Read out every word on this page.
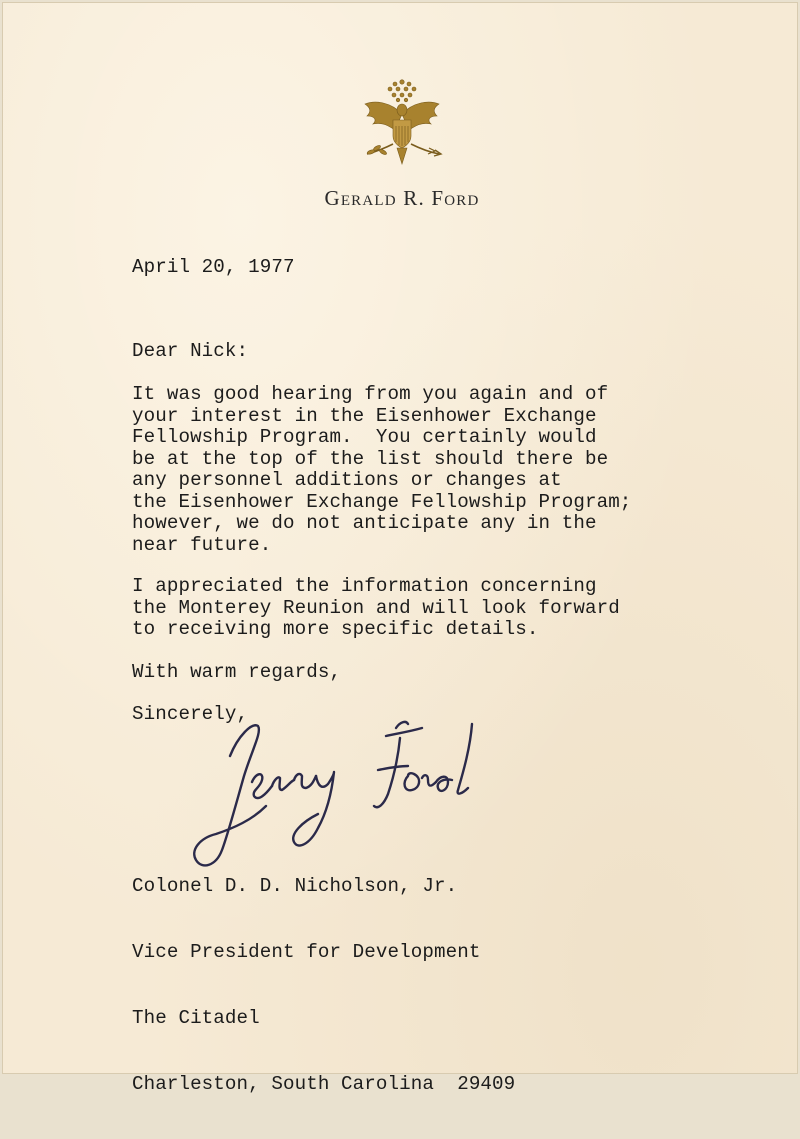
Gerald R. Ford
April 20, 1977
Dear Nick:
It was good hearing from you again and of
your interest in the Eisenhower Exchange
Fellowship Program.  You certainly would
be at the top of the list should there be
any personnel additions or changes at
the Eisenhower Exchange Fellowship Program;
however, we do not anticipate any in the
near future.
I appreciated the information concerning
the Monterey Reunion and will look forward
to receiving more specific details.
With warm regards,
Sincerely,

Colonel D. D. Nicholson, Jr.

Vice President for Development

The Citadel

Charleston, South Carolina  29409
